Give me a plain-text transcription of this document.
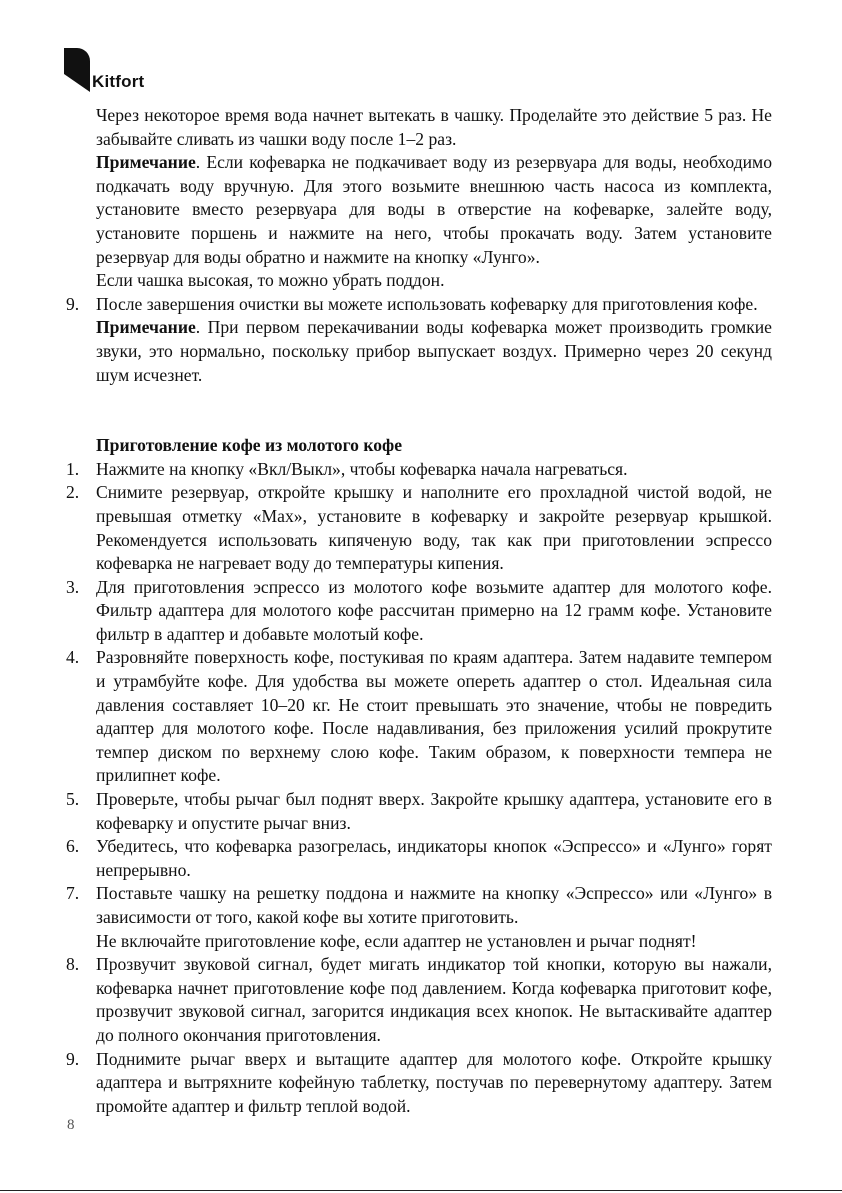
Kitfort

Через некоторое время вода начнет вытекать в чашку. Проделайте это действие 5 раз. Не забывайте сливать из чашки воду после 1–2 раз.

Примечание. Если кофеварка не подкачивает воду из резервуара для воды, необходимо подкачать воду вручную. Для этого возьмите внешнюю часть насоса из комплекта, установите вместо резервуара для воды в отверстие на кофеварке, залейте воду, установите поршень и нажмите на него, чтобы прокачать воду. Затем установите резервуар для воды обратно и нажмите на кнопку «Лунго».

Если чашка высокая, то можно убрать поддон.

9. После завершения очистки вы можете использовать кофеварку для приготовления кофе.

Примечание. При первом перекачивании воды кофеварка может производить громкие звуки, это нормально, поскольку прибор выпускает воздух. Примерно через 20 секунд шум исчезнет.

Приготовление кофе из молотого кофе

1. Нажмите на кнопку «Вкл/Выкл», чтобы кофеварка начала нагреваться.
2. Снимите резервуар, откройте крышку и наполните его прохладной чистой водой, не превышая отметку «Max», установите в кофеварку и закройте резервуар крышкой. Рекомендуется использовать кипяченую воду, так как при приготовлении эспрессо кофеварка не нагревает воду до температуры кипения.
3. Для приготовления эспрессо из молотого кофе возьмите адаптер для молотого кофе. Фильтр адаптера для молотого кофе рассчитан примерно на 12 грамм кофе. Установите фильтр в адаптер и добавьте молотый кофе.
4. Разровняйте поверхность кофе, постукивая по краям адаптера. Затем надавите темпером и утрамбуйте кофе. Для удобства вы можете опереть адаптер о стол. Идеальная сила давления составляет 10–20 кг. Не стоит превышать это значение, чтобы не повредить адаптер для молотого кофе. После надавливания, без приложения усилий прокрутите темпер диском по верхнему слою кофе. Таким образом, к поверхности темпера не прилипнет кофе.
5. Проверьте, чтобы рычаг был поднят вверх. Закройте крышку адаптера, установите его в кофеварку и опустите рычаг вниз.
6. Убедитесь, что кофеварка разогрелась, индикаторы кнопок «Эспрессо» и «Лунго» горят непрерывно.
7. Поставьте чашку на решетку поддона и нажмите на кнопку «Эспрессо» или «Лунго» в зависимости от того, какой кофе вы хотите приготовить.

Не включайте приготовление кофе, если адаптер не установлен и рычаг поднят!

8. Прозвучит звуковой сигнал, будет мигать индикатор той кнопки, которую вы нажали, кофеварка начнет приготовление кофе под давлением. Когда кофеварка приготовит кофе, прозвучит звуковой сигнал, загорится индикация всех кнопок. Не вытаскивайте адаптер до полного окончания приготовления.
9. Поднимите рычаг вверх и вытащите адаптер для молотого кофе. Откройте крышку адаптера и вытряхните кофейную таблетку, постучав по перевернутому адаптеру. Затем промойте адаптер и фильтр теплой водой.
8
